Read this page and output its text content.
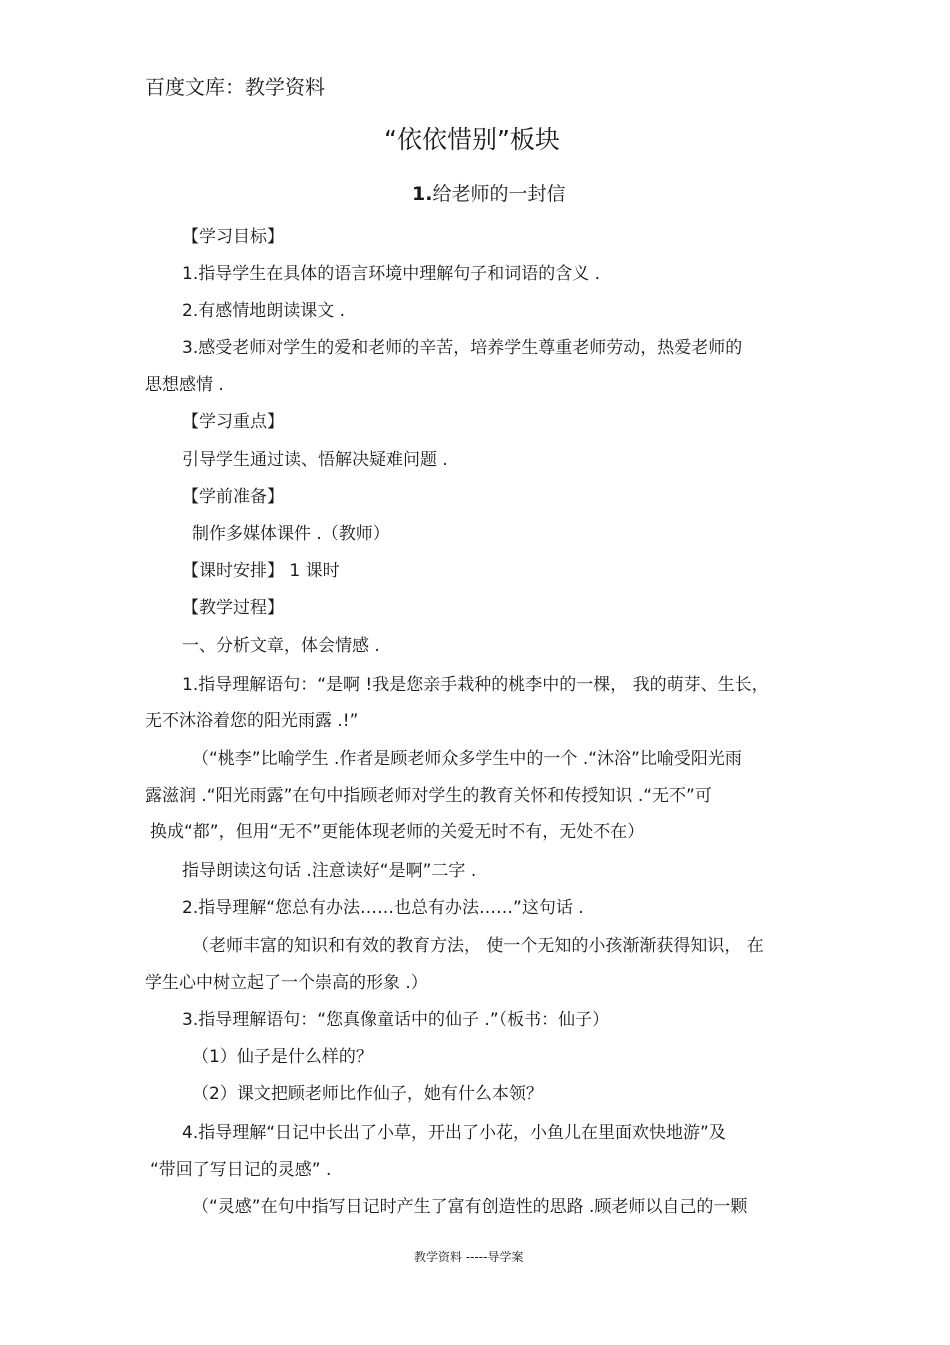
百度文库：教学资料
“依依惜别”板块
1.给老师的一封信
【学习目标】
1.指导学生在具体的语言环境中理解句子和词语的含义 .
2.有感情地朗读课文 .
3.感受老师对学生的爱和老师的辛苦，培养学生尊重老师劳动，热爱老师的
思想感情 .
【学习重点】
引导学生通过读、悟解决疑难问题 .
【学前准备】
制作多媒体课件 .（教师）
【课时安排】 1 课时
【教学过程】
一、分析文章，体会情感 .
1.指导理解语句：“是啊 !我是您亲手栽种的桃李中的一棵， 我的萌芽、生长，
无不沐浴着您的阳光雨露 .!”
（“桃李”比喻学生 .作者是顾老师众多学生中的一个 .“沐浴”比喻受阳光雨
露滋润 .“阳光雨露”在句中指顾老师对学生的教育关怀和传授知识 .“无不”可
换成“都”，但用“无不”更能体现老师的关爱无时不有，无处不在）
指导朗读这句话 .注意读好“是啊”二字 .
2.指导理解“您总有办法……也总有办法……”这句话 .
（老师丰富的知识和有效的教育方法， 使一个无知的小孩渐渐获得知识， 在
学生心中树立起了一个崇高的形象 .）
3.指导理解语句：“您真像童话中的仙子 .”（板书：仙子）
（1）仙子是什么样的？
（2）课文把顾老师比作仙子，她有什么本领？
4.指导理解“日记中长出了小草，开出了小花，小鱼儿在里面欢快地游”及
“带回了写日记的灵感” .
（“灵感”在句中指写日记时产生了富有创造性的思路 .顾老师以自己的一颗
教学资料 -----导学案
